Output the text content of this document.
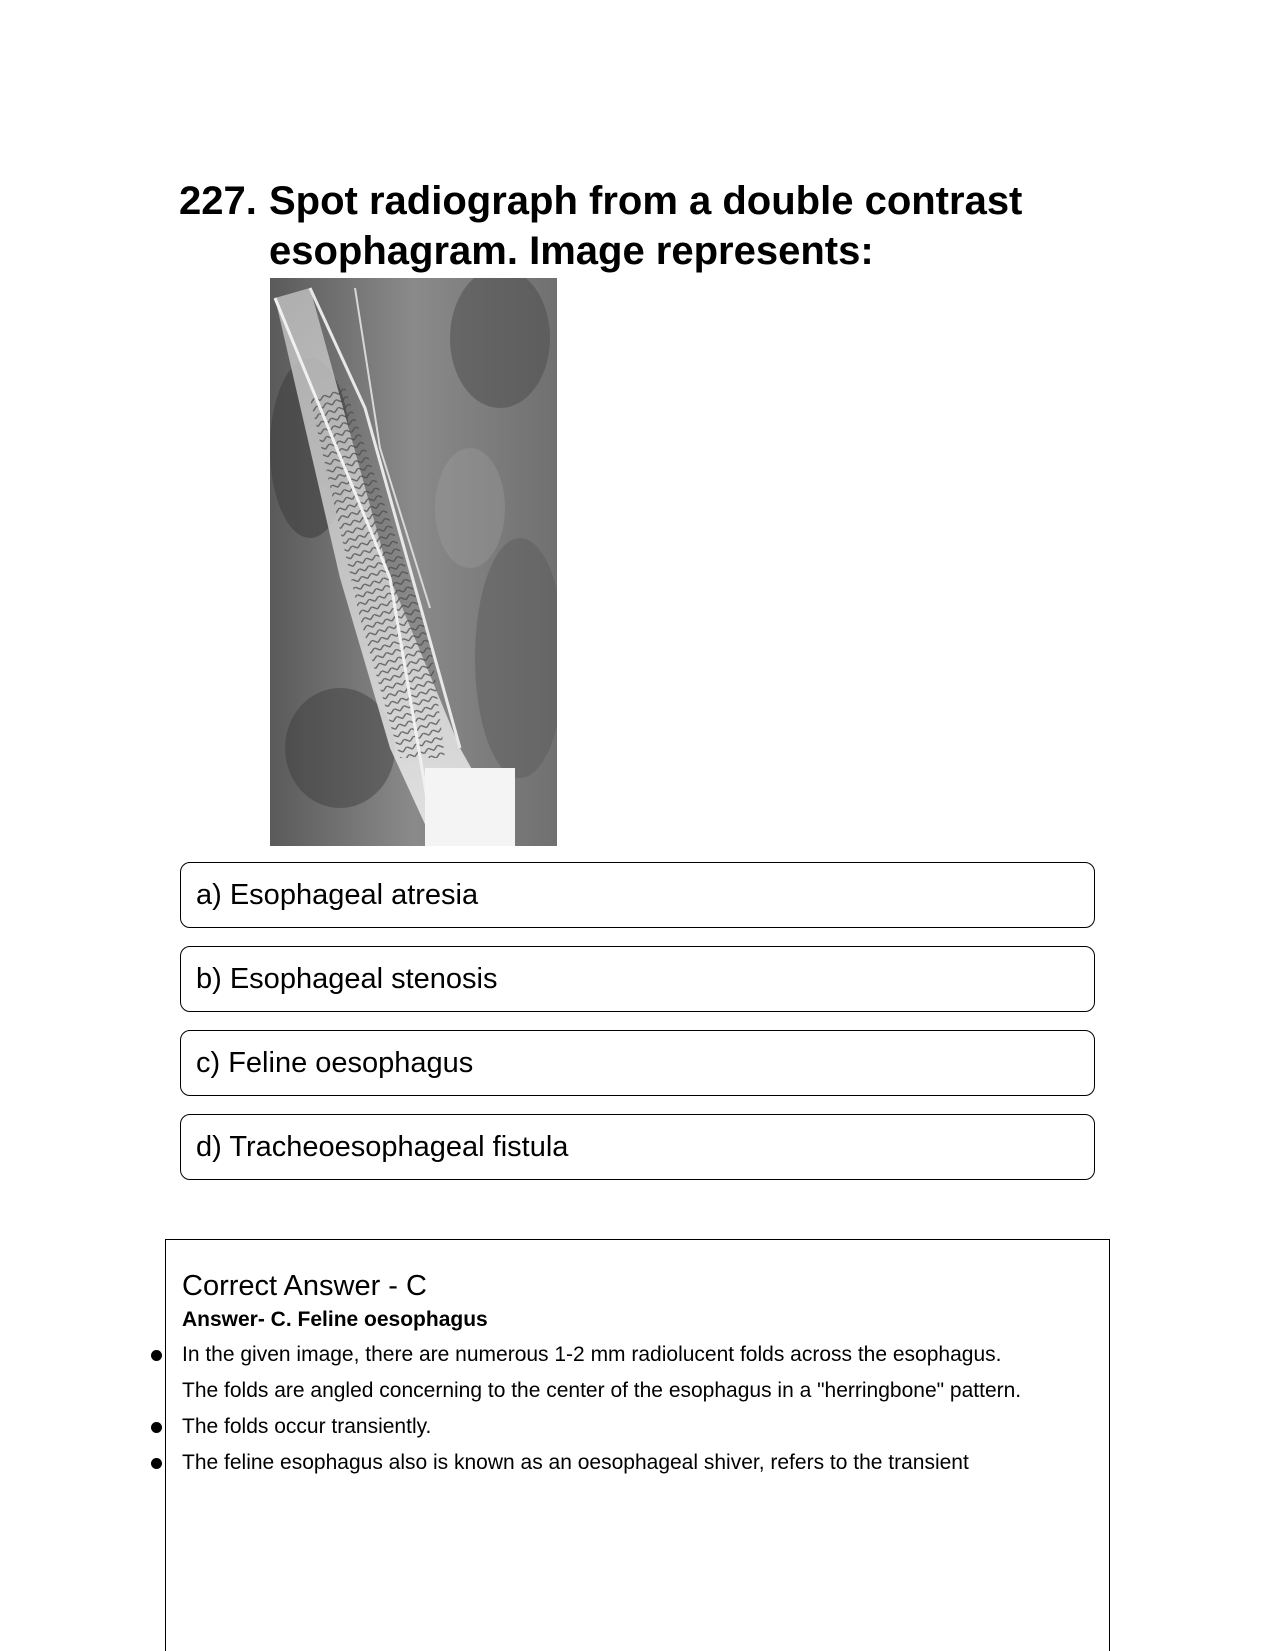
227. Spot radiograph from a double contrast esophagram. Image represents:
a) Esophageal atresia
b) Esophageal stenosis
c) Feline oesophagus
d) Tracheoesophageal fistula
Correct Answer - C
Answer- C. Feline oesophagus
In the given image, there are numerous 1-2 mm radiolucent folds across the esophagus.
The folds are angled concerning to the center of the esophagus in a "herringbone" pattern.
The folds occur transiently.
The feline esophagus also is known as an oesophageal shiver, refers to the transient
